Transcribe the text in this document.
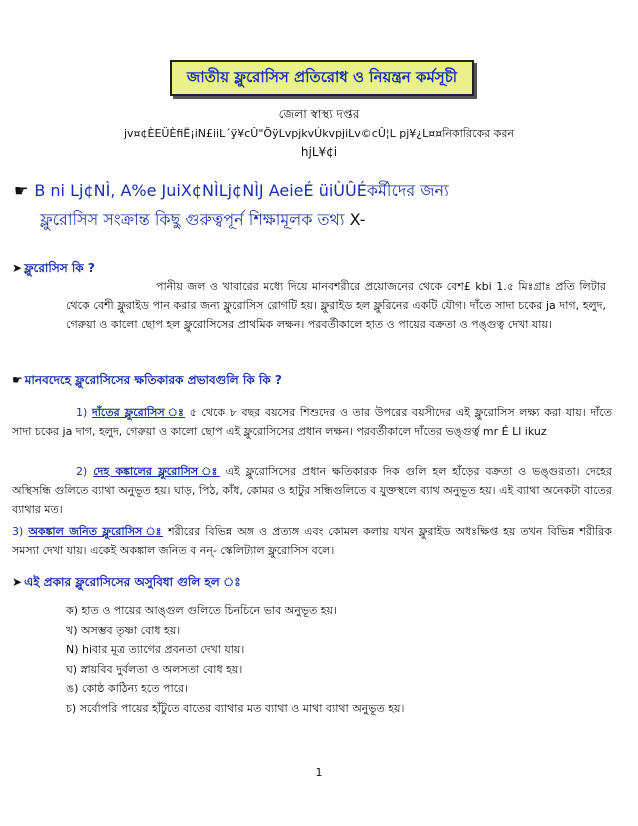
জাতীয় ফ্লুরোসিস প্রতিরোধ ও নিয়ন্ত্রন কর্মসূচী
জেলা স্বাস্থ্য দপ্তর
jv¤¢ÈEÜÈfiË¡iN£iiL´ÿ¥cÛ"ÕÿLvpjkvÚkvpjiLv©cÛ¦L pj¥¿L¤¤নিকারিকের করন
hjL¥¢i
☛ B ni Lj¢NÌ, A%e JuiX¢NÌLj¢NÌJ AeieÉ üiÙÛÉকর্মীদের জন্য
ফ্লুরোসিস সংক্রান্ত কিছু গুরুত্বপূর্ন শিক্ষামূলক তথ্য X-
➤ ফ্লুরোসিস কি ?
পানীয় জল ও খাবারের মধ্যে দিয়ে মানবশরীরে প্রয়োজনের থেকে বেশ£ kbi 1.৫ মিঃগ্রাঃ প্রতি লিটার থেকে বেশী ফ্লুরাইড পান করার জন্য ফ্লুরোসিস রোগটি হয়। ফ্লুরাইড হল ফ্লুরিনের একটি যৌগ। দাঁতে সাদা চকের ja দাগ, হলুদ, গেরুয়া ও কালো ছোপ হল ফ্লুরোসিসের প্রাথমিক লক্ষন। পরবর্তীকালে হাত ও পায়ের বক্রতা ও পঙ্গুত্ব দেখা যায়।
☛ মানবদেহে ফ্লুরোসিসের ক্ষতিকারক প্রভাবগুলি কি কি ?
1) দাঁতের ফ্লুরোসিস ঃ ৫ থেকে ৮ বছর বয়সের শিশুদের ও তার উপরের বয়সীদের এই ফ্লুরোসিস লক্ষ্য করা যায়। দাঁতে সাদা চকের ja দাগ, হলুদ, গেরুয়া ও কালো ছোপ এই ফ্লুরোসিসের প্রধান লক্ষন। পরবর্তীকালে দাঁতের ভঙ্গুর্ত্ব mr É Ll ikuz
2) দেহ কঙ্কালের ফ্লুরোসিস ঃ এই ফ্লুরোসিসের প্রধান ক্ষতিকারক দিক গুলি হল হাঁড়ের বক্রতা ও ভঙ্গুরতা। দেহের অস্থিসন্ধি গুলিতে ব্যাথা অনুভূত হয়। ঘাড়, পিঠ, কাঁধ, কোমর ও হাটুর সন্ধিগুলিতে ব যুক্তস্থলে ব্যাথ অনুভূত হয়। এই ব্যাথা অনেকটা বাতের ব্যাথার মত।
3) অকঙ্কাল জনিত ফ্লুরোসিস ঃ শরীরের বিভিন্ন অঙ্গ ও প্রত্যঙ্গ এবং কোমল কলায় যখন ফ্লুরাইড অধঃক্ষিপ্ত হয় তখন বিভিন্ন শরীরিক সমস্যা দেখা যায়। একেই অকঙ্কাল জনিত ব নন্- স্কেলিট্যাল ফ্লুরোসিস বলে।
➤ এই প্রকার ফ্লুরোসিসের অসুবিধা গুলি হল ঃ
ক) হাত ও পায়ের আঙ্গুল গুলিতে চিনচিনে ভাব অনুভূত হয়।
খ) অসম্ভব তৃষ্ণা বোধ হয়।
N) hiবার মূত্র ত্যাগের প্রবনতা দেখা যায়।
ঘ) স্নায়বিব দুর্বলতা ও অলসতা বোধ হয়।
ঙ) কোষ্ঠ কাঠিন্য হতে পারে।
চ) সর্বোপরি পায়ের হাঁটুতে বাতের ব্যাথার মত ব্যাথা ও মাথা ব্যাথা অনুভূত হয়।
1
